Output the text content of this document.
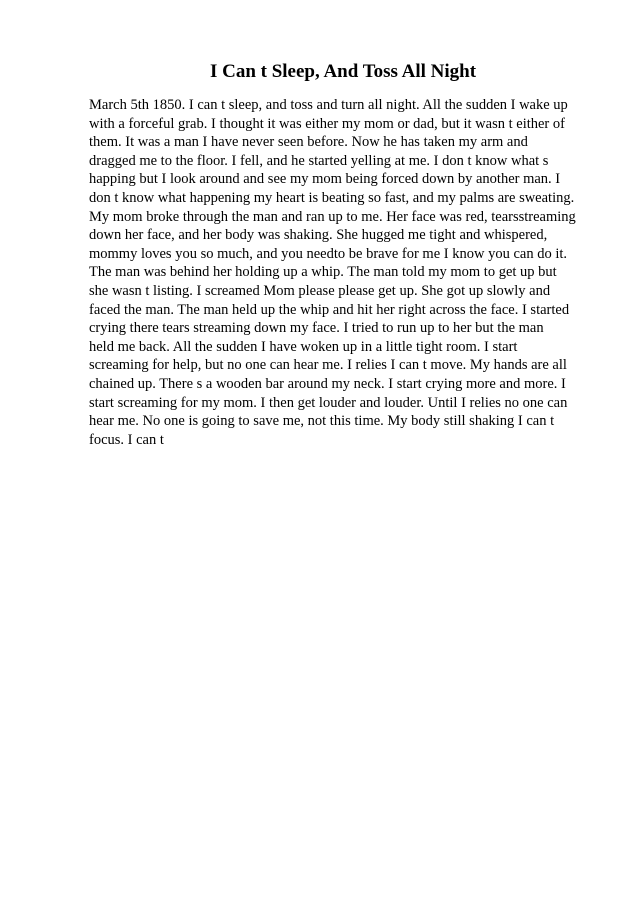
I Can t Sleep, And Toss All Night
March 5th 1850. I can t sleep, and toss and turn all night. All the sudden I wake up
with a forceful grab. I thought it was either my mom or dad, but it wasn t either of
them. It was a man I have never seen before. Now he has taken my arm and
dragged me to the floor. I fell, and he started yelling at me. I don t know what s
happing but I look around and see my mom being forced down by another man. I
don t know what happening my heart is beating so fast, and my palms are sweating.
My mom broke through the man and ran up to me. Her face was red, tearsstreaming
down her face, and her body was shaking. She hugged me tight and whispered,
mommy loves you so much, and you needto be brave for me I know you can do it.
The man was behind her holding up a whip. The man told my mom to get up but
she wasn t listing. I screamed Mom please please get up. She got up slowly and
faced the man. The man held up the whip and hit her right across the face. I started
crying there tears streaming down my face. I tried to run up to her but the man
held me back. All the sudden I have woken up in a little tight room. I start
screaming for help, but no one can hear me. I relies I can t move. My hands are all
chained up. There s a wooden bar around my neck. I start crying more and more. I
start screaming for my mom. I then get louder and louder. Until I relies no one can
hear me. No one is going to save me, not this time. My body still shaking I can t
focus. I can t
